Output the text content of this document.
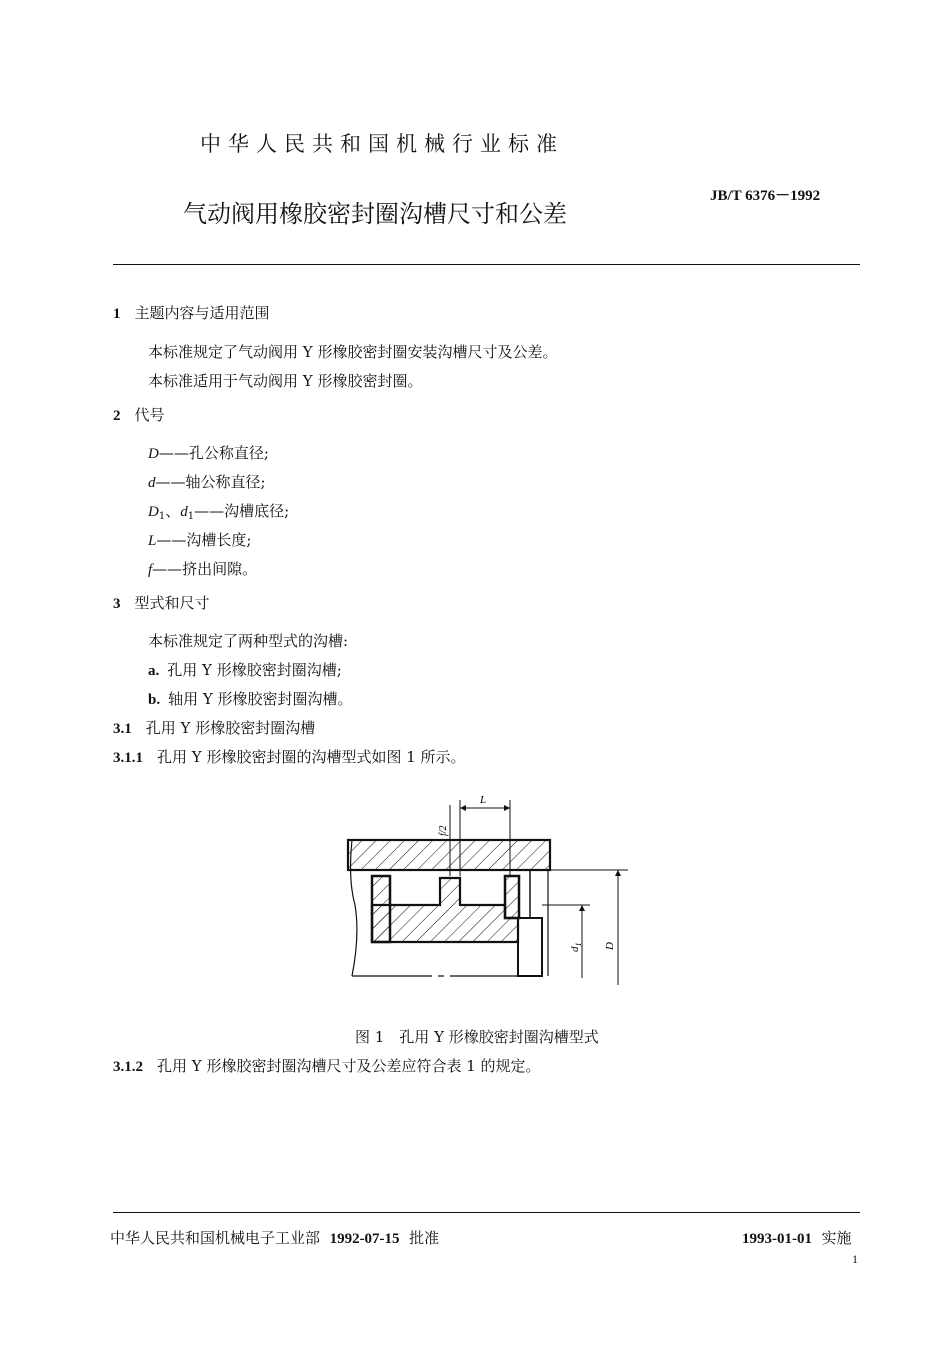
中华人民共和国机械行业标准
气动阀用橡胶密封圈沟槽尺寸和公差
JB/T 6376－1992
1 主题内容与适用范围
本标准规定了气动阀用 Y 形橡胶密封圈安装沟槽尺寸及公差。
本标准适用于气动阀用 Y 形橡胶密封圈。
2 代号
D——孔公称直径;
d——轴公称直径;
$D_1$、$d_1——$沟槽底径;
L——沟槽长度;
f——挤出间隙。
3 型式和尺寸
本标准规定了两种型式的沟槽:
a. 孔用 Y 形橡胶密封圈沟槽;
b. 轴用 Y 形橡胶密封圈沟槽。
3.1 孔用 Y 形橡胶密封圈沟槽
3.1.1 孔用 Y 形橡胶密封圈的沟槽型式如图 1 所示。
L
f/2
$d_1$ D
图 1　孔用 Y 形橡胶密封圈沟槽型式
3.1.2 孔用 Y 形橡胶密封圈沟槽尺寸及公差应符合表 1 的规定。
中华人民共和国机械电子工业部 1992-07-15 批准	1993-01-01 实施
1
